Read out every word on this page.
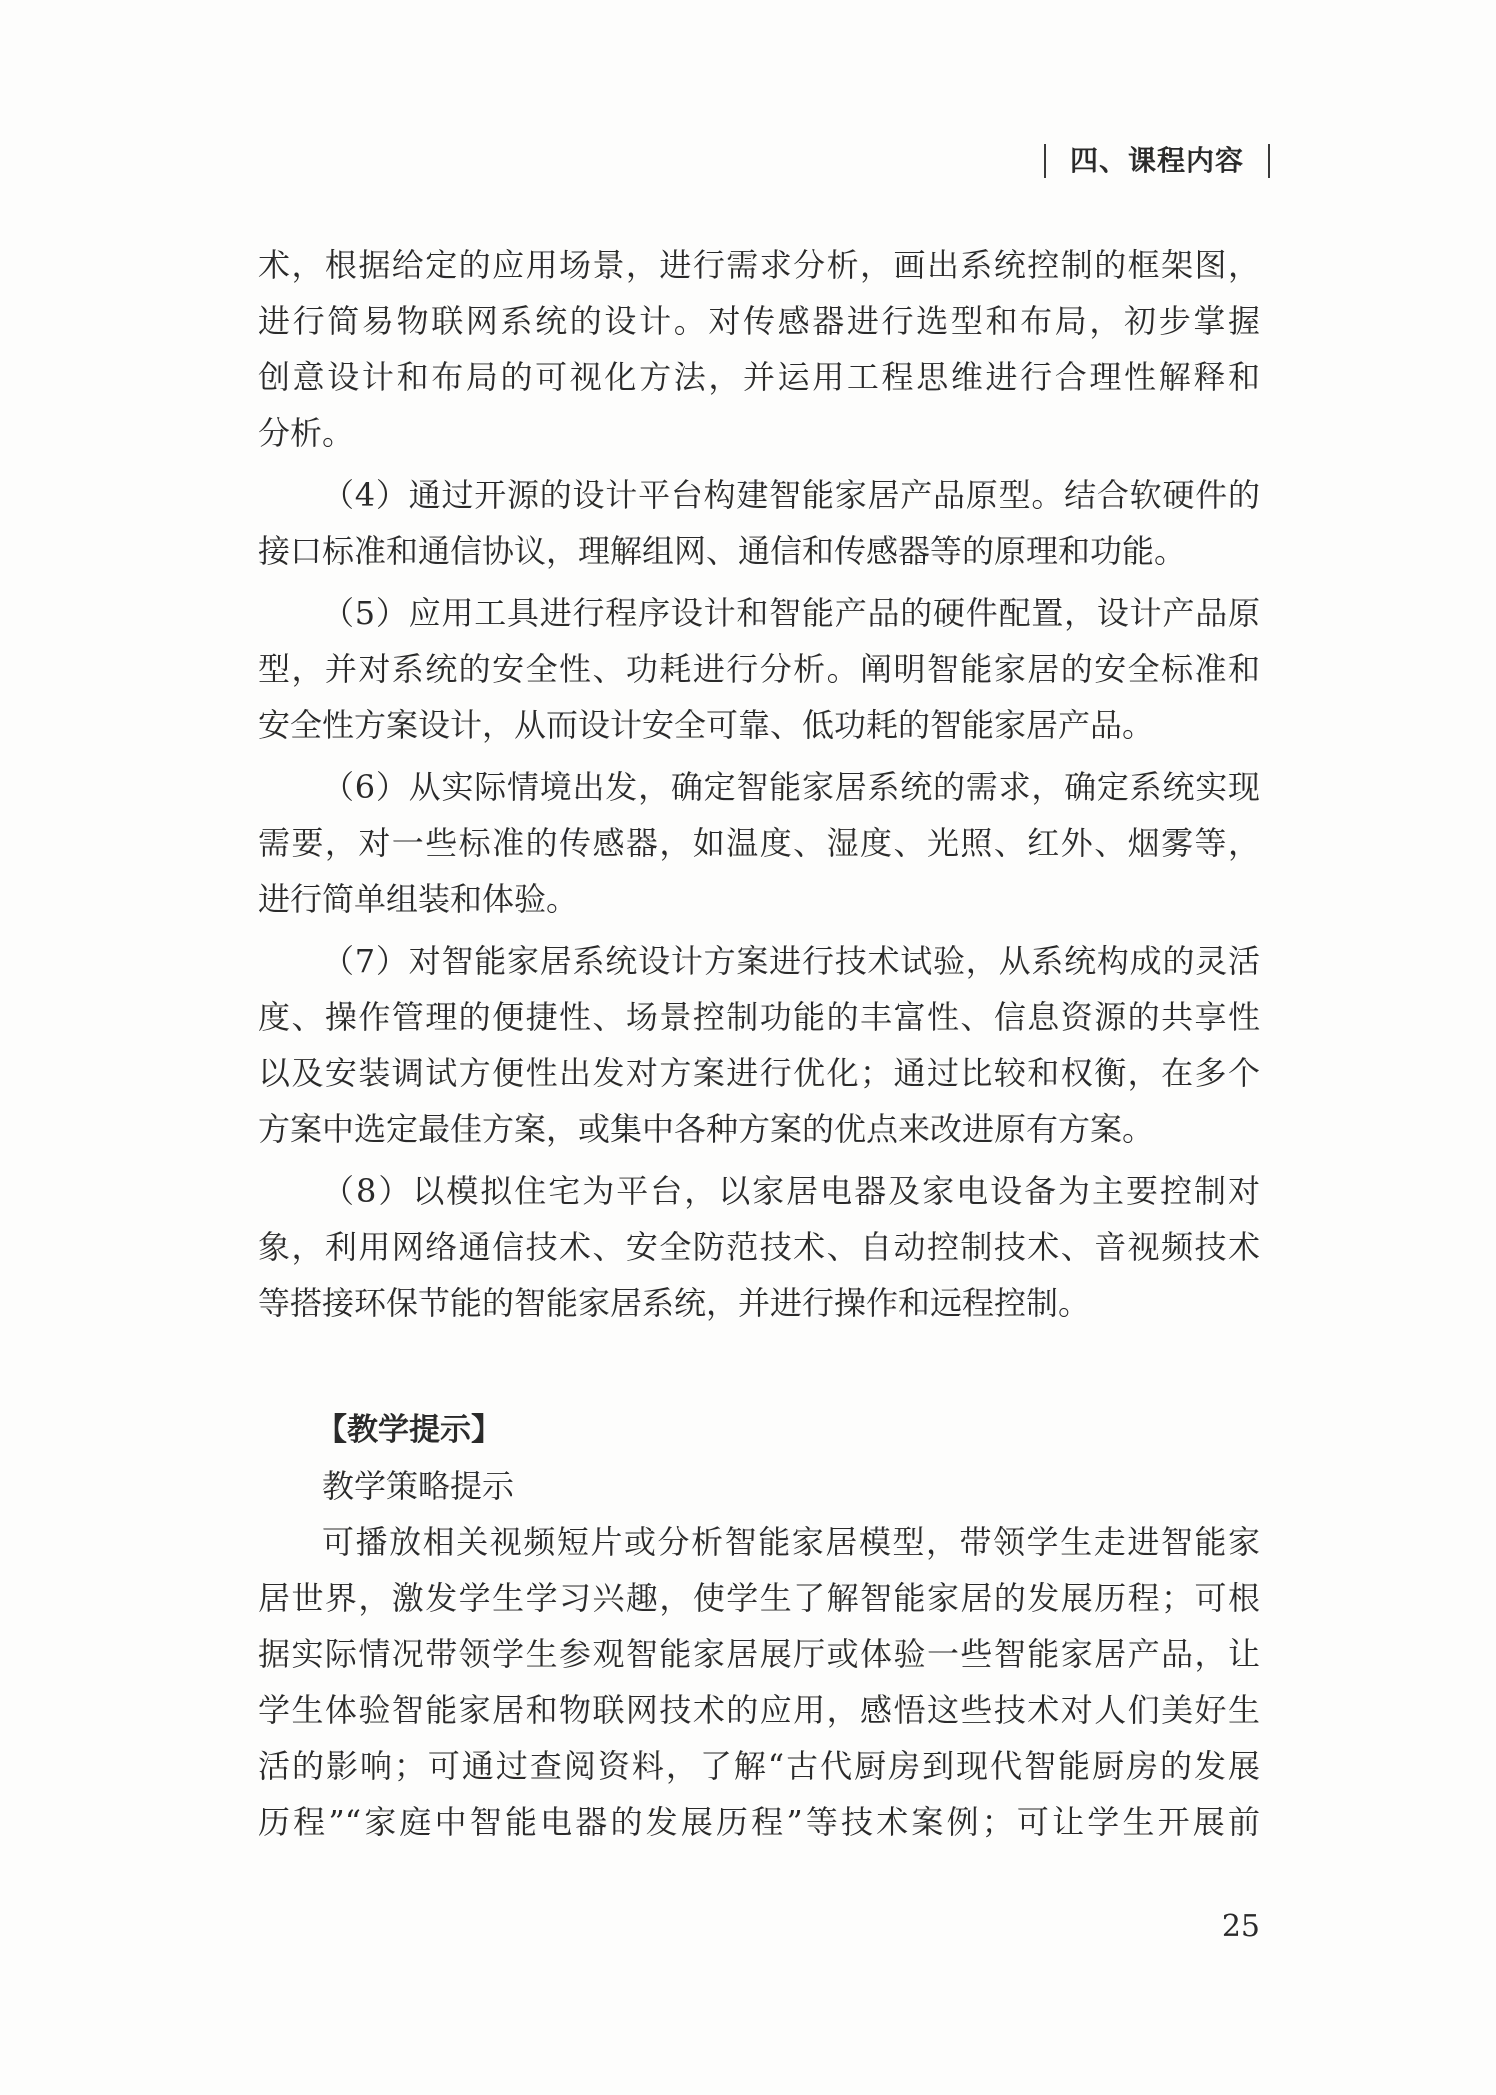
四、课程内容
术，根据给定的应用场景，进行需求分析，画出系统控制的框架图，
进行简易物联网系统的设计。对传感器进行选型和布局，初步掌握
创意设计和布局的可视化方法，并运用工程思维进行合理性解释和
分析。
（4）通过开源的设计平台构建智能家居产品原型。结合软硬件的
接口标准和通信协议，理解组网、通信和传感器等的原理和功能。
（5）应用工具进行程序设计和智能产品的硬件配置，设计产品原
型，并对系统的安全性、功耗进行分析。阐明智能家居的安全标准和
安全性方案设计，从而设计安全可靠、低功耗的智能家居产品。
（6）从实际情境出发，确定智能家居系统的需求，确定系统实现
需要，对一些标准的传感器，如温度、湿度、光照、红外、烟雾等，
进行简单组装和体验。
（7）对智能家居系统设计方案进行技术试验，从系统构成的灵活
度、操作管理的便捷性、场景控制功能的丰富性、信息资源的共享性
以及安装调试方便性出发对方案进行优化；通过比较和权衡，在多个
方案中选定最佳方案，或集中各种方案的优点来改进原有方案。
（8）以模拟住宅为平台，以家居电器及家电设备为主要控制对
象，利用网络通信技术、安全防范技术、自动控制技术、音视频技术
等搭接环保节能的智能家居系统，并进行操作和远程控制。
【教学提示】
教学策略提示
可播放相关视频短片或分析智能家居模型，带领学生走进智能家
居世界，激发学生学习兴趣，使学生了解智能家居的发展历程；可根
据实际情况带领学生参观智能家居展厅或体验一些智能家居产品，让
学生体验智能家居和物联网技术的应用，感悟这些技术对人们美好生
活的影响；可通过查阅资料，了解“古代厨房到现代智能厨房的发展
历程”“家庭中智能电器的发展历程”等技术案例；可让学生开展前
25
